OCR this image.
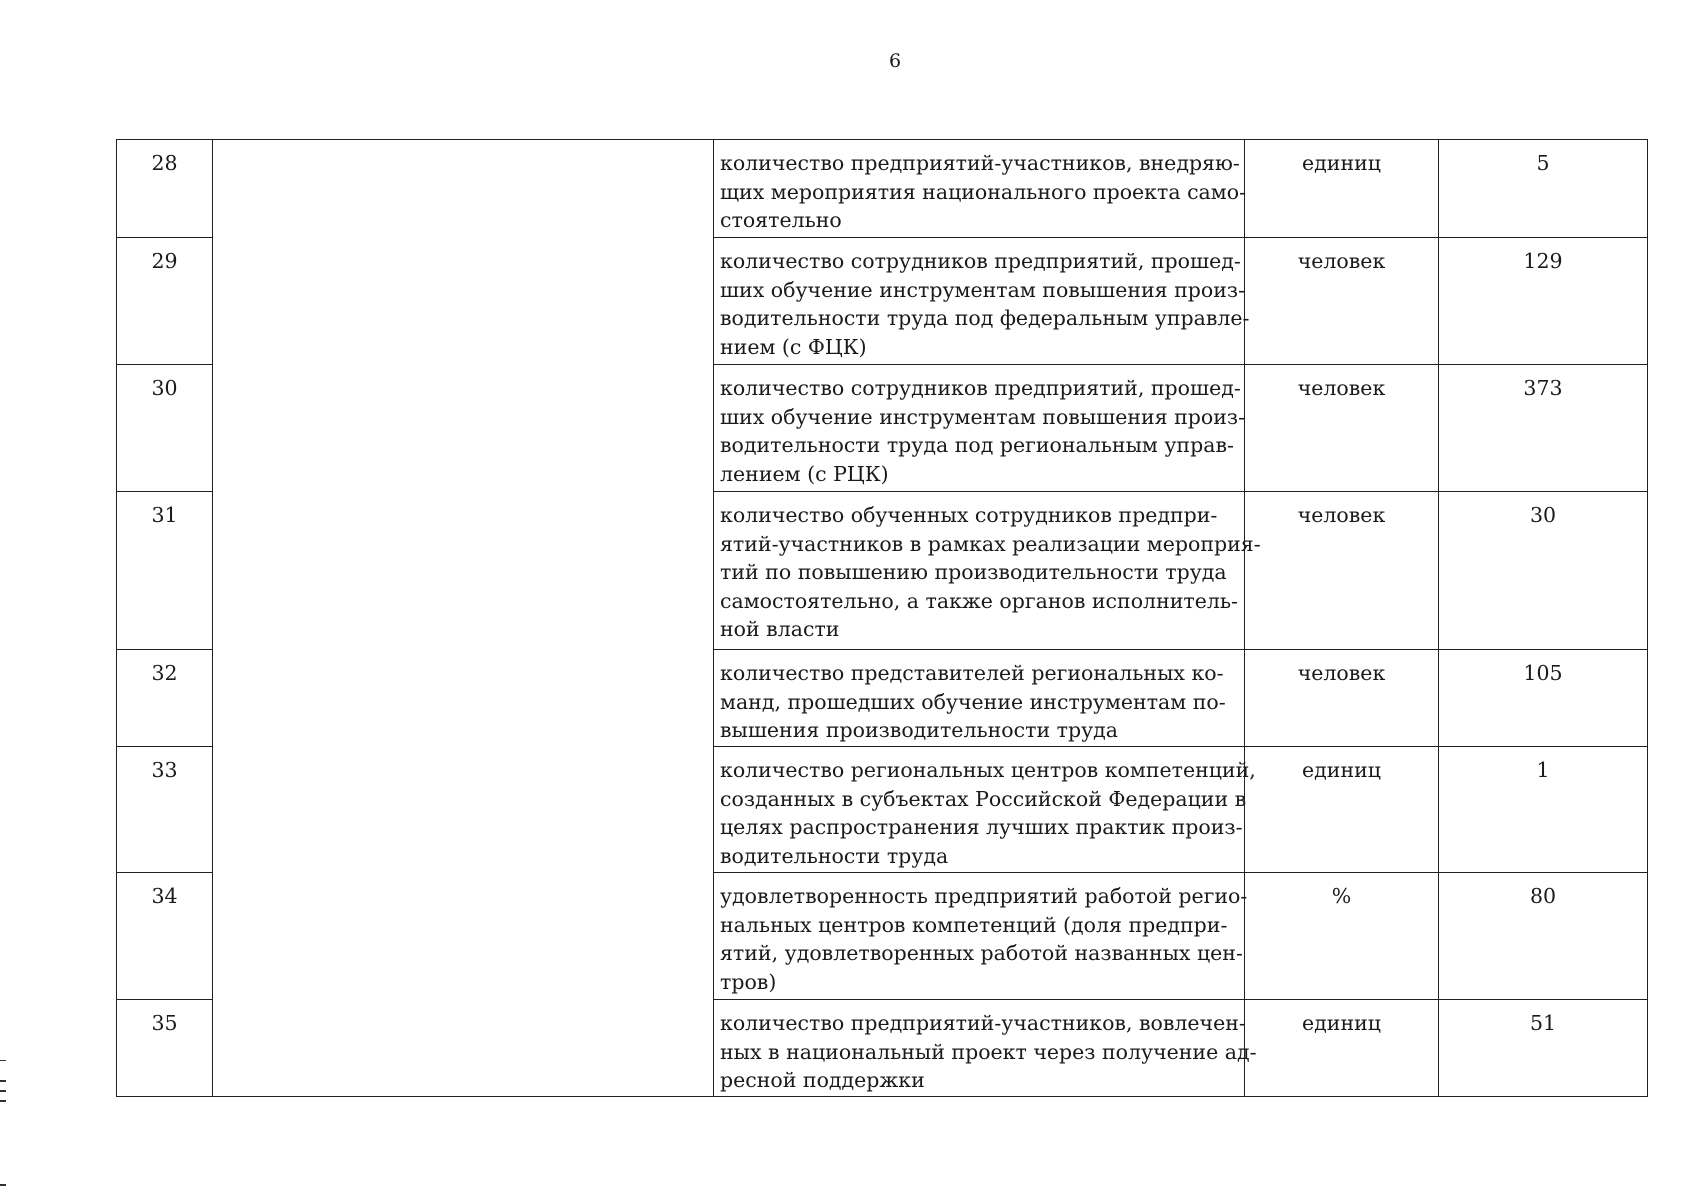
6
28		количество предприятий-участников, внедряю-
щих мероприятия национального проекта само-
стоятельно	единиц	5
29		количество сотрудников предприятий, прошед-
ших обучение инструментам повышения произ-
водительности труда под федеральным управле-
нием (с ФЦК)	человек	129
30		количество сотрудников предприятий, прошед-
ших обучение инструментам повышения произ-
водительности труда под региональным управ-
лением (с РЦК)	человек	373
31		количество обученных сотрудников предпри-
ятий-участников в рамках реализации мероприя-
тий по повышению производительности труда
самостоятельно, а также органов исполнитель-
ной власти	человек	30
32		количество представителей региональных ко-
манд, прошедших обучение инструментам по-
вышения производительности труда	человек	105
33		количество региональных центров компетенций,
созданных в субъектах Российской Федерации в
целях распространения лучших практик произ-
водительности труда	единиц	1
34		удовлетворенность предприятий работой регио-
нальных центров компетенций (доля предпри-
ятий, удовлетворенных работой названных цен-
тров)	%	80
35		количество предприятий-участников, вовлечен-
ных в национальный проект через получение ад-
ресной поддержки	единиц	51
